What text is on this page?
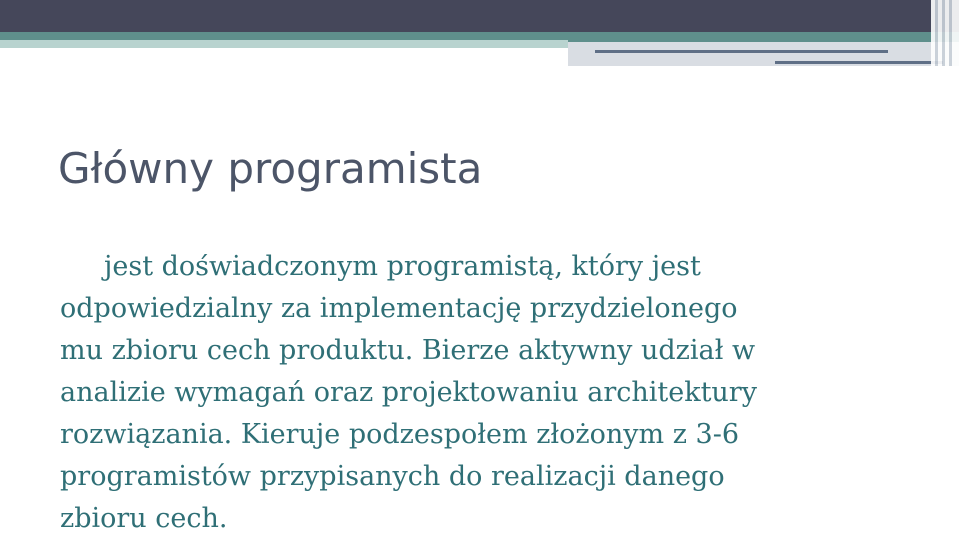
Główny programista
jest doświadczonym programistą, który jest
odpowiedzialny za implementację przydzielonego
mu zbioru cech produktu. Bierze aktywny udział w
analizie wymagań oraz projektowaniu architektury
rozwiązania. Kieruje podzespołem złożonym z 3-6
programistów przypisanych do realizacji danego
zbioru cech.
